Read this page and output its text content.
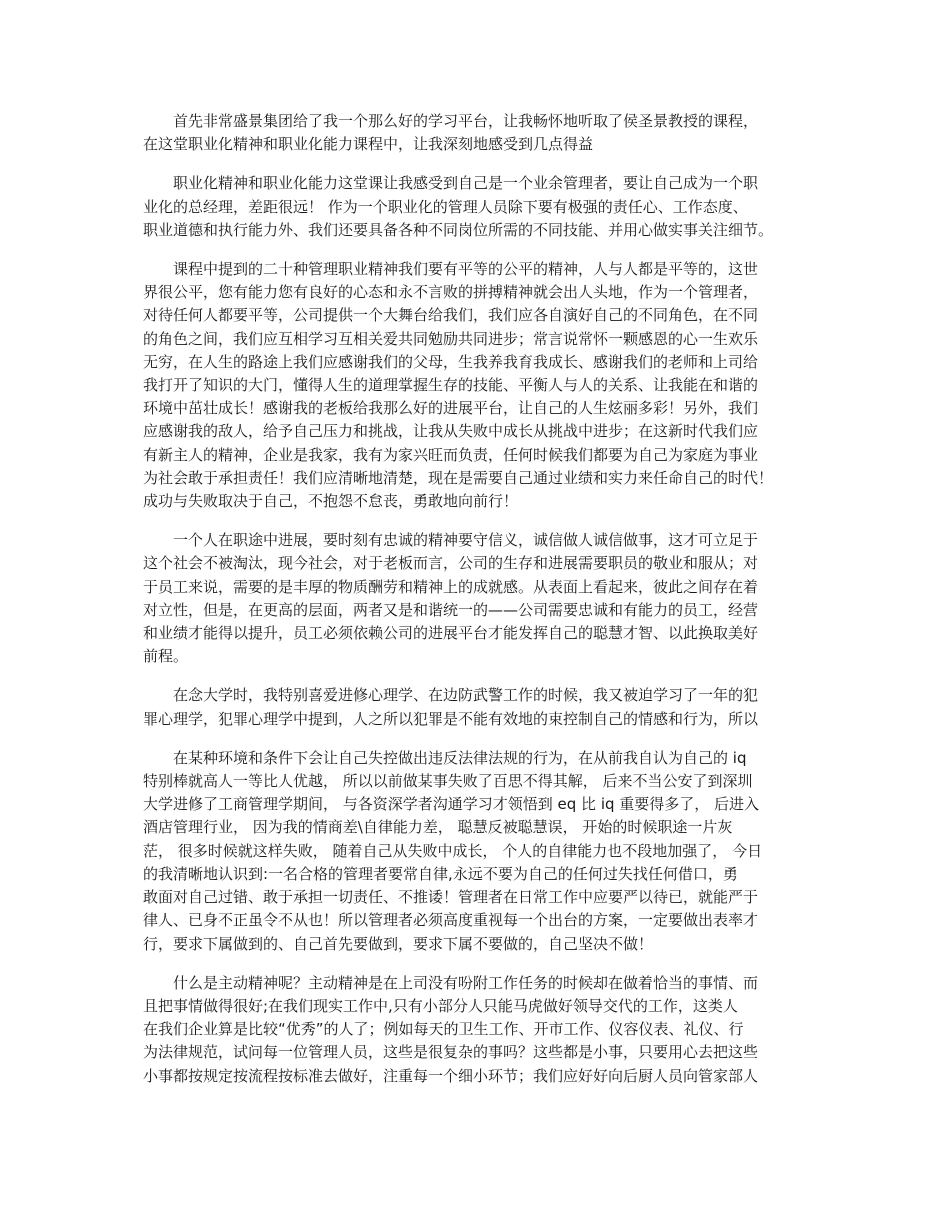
首先非常盛景集团给了我一个那么好的学习平台，让我畅怀地听取了侯圣景教授的课程，
在这堂职业化精神和职业化能力课程中，让我深刻地感受到几点得益
职业化精神和职业化能力这堂课让我感受到自己是一个业余管理者，要让自己成为一个职
业化的总经理，差距很远！ 作为一个职业化的管理人员除下要有极强的责任心、工作态度、
职业道德和执行能力外、我们还要具备各种不同岗位所需的不同技能、并用心做实事关注细节。
课程中提到的二十种管理职业精神我们要有平等的公平的精神，人与人都是平等的，这世
界很公平，您有能力您有良好的心态和永不言败的拼搏精神就会出人头地，作为一个管理者，
对待任何人都要平等，公司提供一个大舞台给我们，我们应各自演好自己的不同角色，在不同
的角色之间，我们应互相学习互相关爱共同勉励共同进步；常言说常怀一颗感恩的心一生欢乐
无穷，在人生的路途上我们应感谢我们的父母，生我养我育我成长、感谢我们的老师和上司给
我打开了知识的大门，懂得人生的道理掌握生存的技能、平衡人与人的关系、让我能在和谐的
环境中茁壮成长！感谢我的老板给我那么好的进展平台，让自己的人生炫丽多彩！另外，我们
应感谢我的敌人，给予自己压力和挑战，让我从失败中成长从挑战中进步；在这新时代我们应
有新主人的精神，企业是我家，我有为家兴旺而负责，任何时候我们都要为自己为家庭为事业
为社会敢于承担责任！我们应清晰地清楚，现在是需要自己通过业绩和实力来任命自己的时代！
成功与失败取决于自己，不抱怨不怠丧，勇敢地向前行！
一个人在职途中进展，要时刻有忠诚的精神要守信义，诚信做人诚信做事，这才可立足于
这个社会不被淘汰，现今社会，对于老板而言，公司的生存和进展需要职员的敬业和服从；对
于员工来说，需要的是丰厚的物质酬劳和精神上的成就感。从表面上看起来，彼此之间存在着
对立性，但是，在更高的层面，两者又是和谐统一的——公司需要忠诚和有能力的员工，经营
和业绩才能得以提升，员工必须依赖公司的进展平台才能发挥自己的聪慧才智、以此换取美好
前程。
在念大学时，我特别喜爱进修心理学、在边防武警工作的时候，我又被迫学习了一年的犯
罪心理学，犯罪心理学中提到，人之所以犯罪是不能有效地的束控制自己的情感和行为，所以
在某种环境和条件下会让自己失控做出违反法律法规的行为，在从前我自认为自己的 iq
特别棒就高人一等比人优越， 所以以前做某事失败了百思不得其解， 后来不当公安了到深圳
大学进修了工商管理学期间， 与各资深学者沟通学习才领悟到 eq 比 iq 重要得多了， 后进入
酒店管理行业， 因为我的情商差\自律能力差， 聪慧反被聪慧误， 开始的时候职途一片灰
茫， 很多时候就这样失败， 随着自己从失败中成长， 个人的自律能力也不段地加强了， 今日
的我清晰地认识到:一名合格的管理者要常自律,永远不要为自己的任何过失找任何借口，勇
敢面对自己过错、敢于承担一切责任、不推诿！管理者在日常工作中应要严以待已，就能严于
律人、已身不正虽令不从也！所以管理者必须高度重视每一个出台的方案，一定要做出表率才
行，要求下属做到的、自己首先要做到，要求下属不要做的，自己坚决不做！
什么是主动精神呢？主动精神是在上司没有吩附工作任务的时候却在做着恰当的事情、而
且把事情做得很好;在我们现实工作中,只有小部分人只能马虎做好领导交代的工作，这类人
在我们企业算是比较“优秀”的人了；例如每天的卫生工作、开市工作、仪容仪表、礼仪、行
为法律规范，试问每一位管理人员，这些是很复杂的事吗？这些都是小事，只要用心去把这些
小事都按规定按流程按标准去做好，注重每一个细小环节；我们应好好向后厨人员向管家部人
